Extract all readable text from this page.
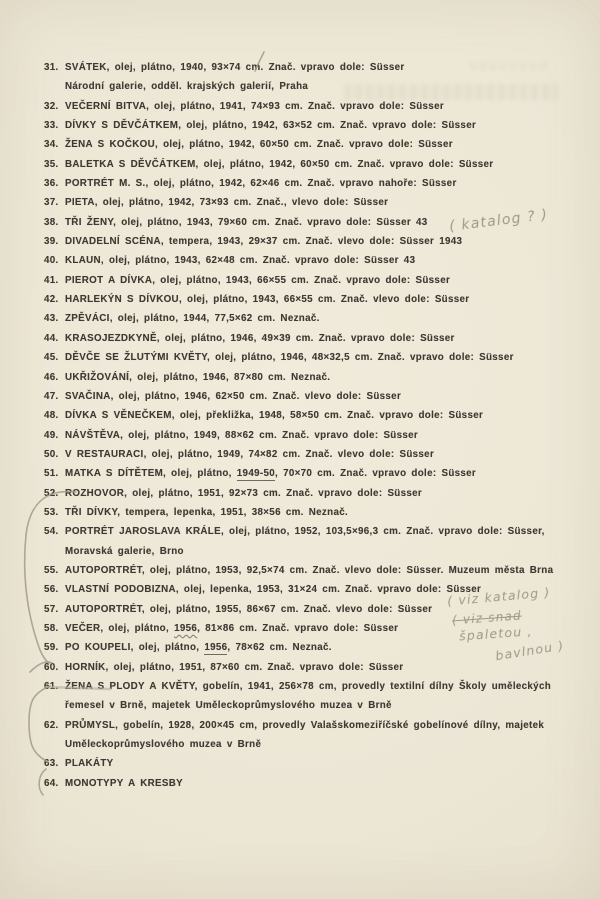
31. SVÁTEK, olej, plátno, 1940, 93×74 cm. Znač. vpravo dole: Süsser
Národní galerie, odděl. krajských galerií, Praha
32. VEČERNÍ BITVA, olej, plátno, 1941, 74×93 cm. Znač. vpravo dole: Süsser
33. DÍVKY S DĚVČÁTKEM, olej, plátno, 1942, 63×52 cm. Znač. vpravo dole: Süsser
34. ŽENA S KOČKOU, olej, plátno, 1942, 60×50 cm. Znač. vpravo dole: Süsser
35. BALETKA S DĚVČÁTKEM, olej, plátno, 1942, 60×50 cm. Znač. vpravo dole: Süsser
36. PORTRÉT M. S., olej, plátno, 1942, 62×46 cm. Znač. vpravo nahoře: Süsser
37. PIETA, olej, plátno, 1942, 73×93 cm. Znač., vlevo dole: Süsser
38. TŘI ŽENY, olej, plátno, 1943, 79×60 cm. Znač. vpravo dole: Süsser 43
39. DIVADELNÍ SCÉNA, tempera, 1943, 29×37 cm. Znač. vlevo dole: Süsser 1943
40. KLAUN, olej, plátno, 1943, 62×48 cm. Znač. vpravo dole: Süsser 43
41. PIEROT A DÍVKA, olej, plátno, 1943, 66×55 cm. Znač. vpravo dole: Süsser
42. HARLEKÝN S DÍVKOU, olej, plátno, 1943, 66×55 cm. Znač. vlevo dole: Süsser
43. ZPĚVÁCI, olej, plátno, 1944, 77,5×62 cm. Neznač.
44. KRASOJEZDKYNĚ, olej, plátno, 1946, 49×39 cm. Znač. vpravo dole: Süsser
45. DĚVČE SE ŽLUTÝMI KVĚTY, olej, plátno, 1946, 48×32,5 cm. Znač. vpravo dole: Süsser
46. UKŘIŽOVÁNÍ, olej, plátno, 1946, 87×80 cm. Neznač.
47. SVAČINA, olej, plátno, 1946, 62×50 cm. Znač. vlevo dole: Süsser
48. DÍVKA S VĚNEČKEM, olej, překližka, 1948, 58×50 cm. Znač. vpravo dole: Süsser
49. NÁVŠTĚVA, olej, plátno, 1949, 88×62 cm. Znač. vpravo dole: Süsser
50. V RESTAURACI, olej, plátno, 1949, 74×82 cm. Znač. vlevo dole: Süsser
51. MATKA S DÍTĚTEM, olej, plátno, 1949-50, 70×70 cm. Znač. vpravo dole: Süsser
52. ROZHOVOR, olej, plátno, 1951, 92×73 cm. Znač. vpravo dole: Süsser
53. TŘI DÍVKY, tempera, lepenka, 1951, 38×56 cm. Neznač.
54. PORTRÉT JAROSLAVA KRÁLE, olej, plátno, 1952, 103,5×96,3 cm. Znač. vpravo dole: Süsser,
Moravská galerie, Brno
55. AUTOPORTRÉT, olej, plátno, 1953, 92,5×74 cm. Znač. vlevo dole: Süsser. Muzeum města Brna
56. VLASTNÍ PODOBIZNA, olej, lepenka, 1953, 31×24 cm. Znač. vpravo dole: Süsser
57. AUTOPORTRÉT, olej, plátno, 1955, 86×67 cm. Znač. vlevo dole: Süsser
58. VEČER, olej, plátno, 1956, 81×86 cm. Znač. vpravo dole: Süsser
59. PO KOUPELI, olej, plátno, 1956, 78×62 cm. Neznač.
60. HORNÍK, olej, plátno, 1951, 87×60 cm. Znač. vpravo dole: Süsser
61. ŽENA S PLODY A KVĚTY, gobelín, 1941, 256×78 cm, provedly textilní dílny Školy uměleckých
řemesel v Brně, majetek Uměleckoprůmyslového muzea v Brně
62. PRŮMYSL, gobelín, 1928, 200×45 cm, provedly Valašskomeziříčské gobelínové dílny, majetek
Uměleckoprůmyslového muzea v Brně
63. PLAKÁTY
64. MONOTYPY A KRESBY
( katalog ? )
( viz katalog )
( viz snad
špaletou ,
bavlnou )
